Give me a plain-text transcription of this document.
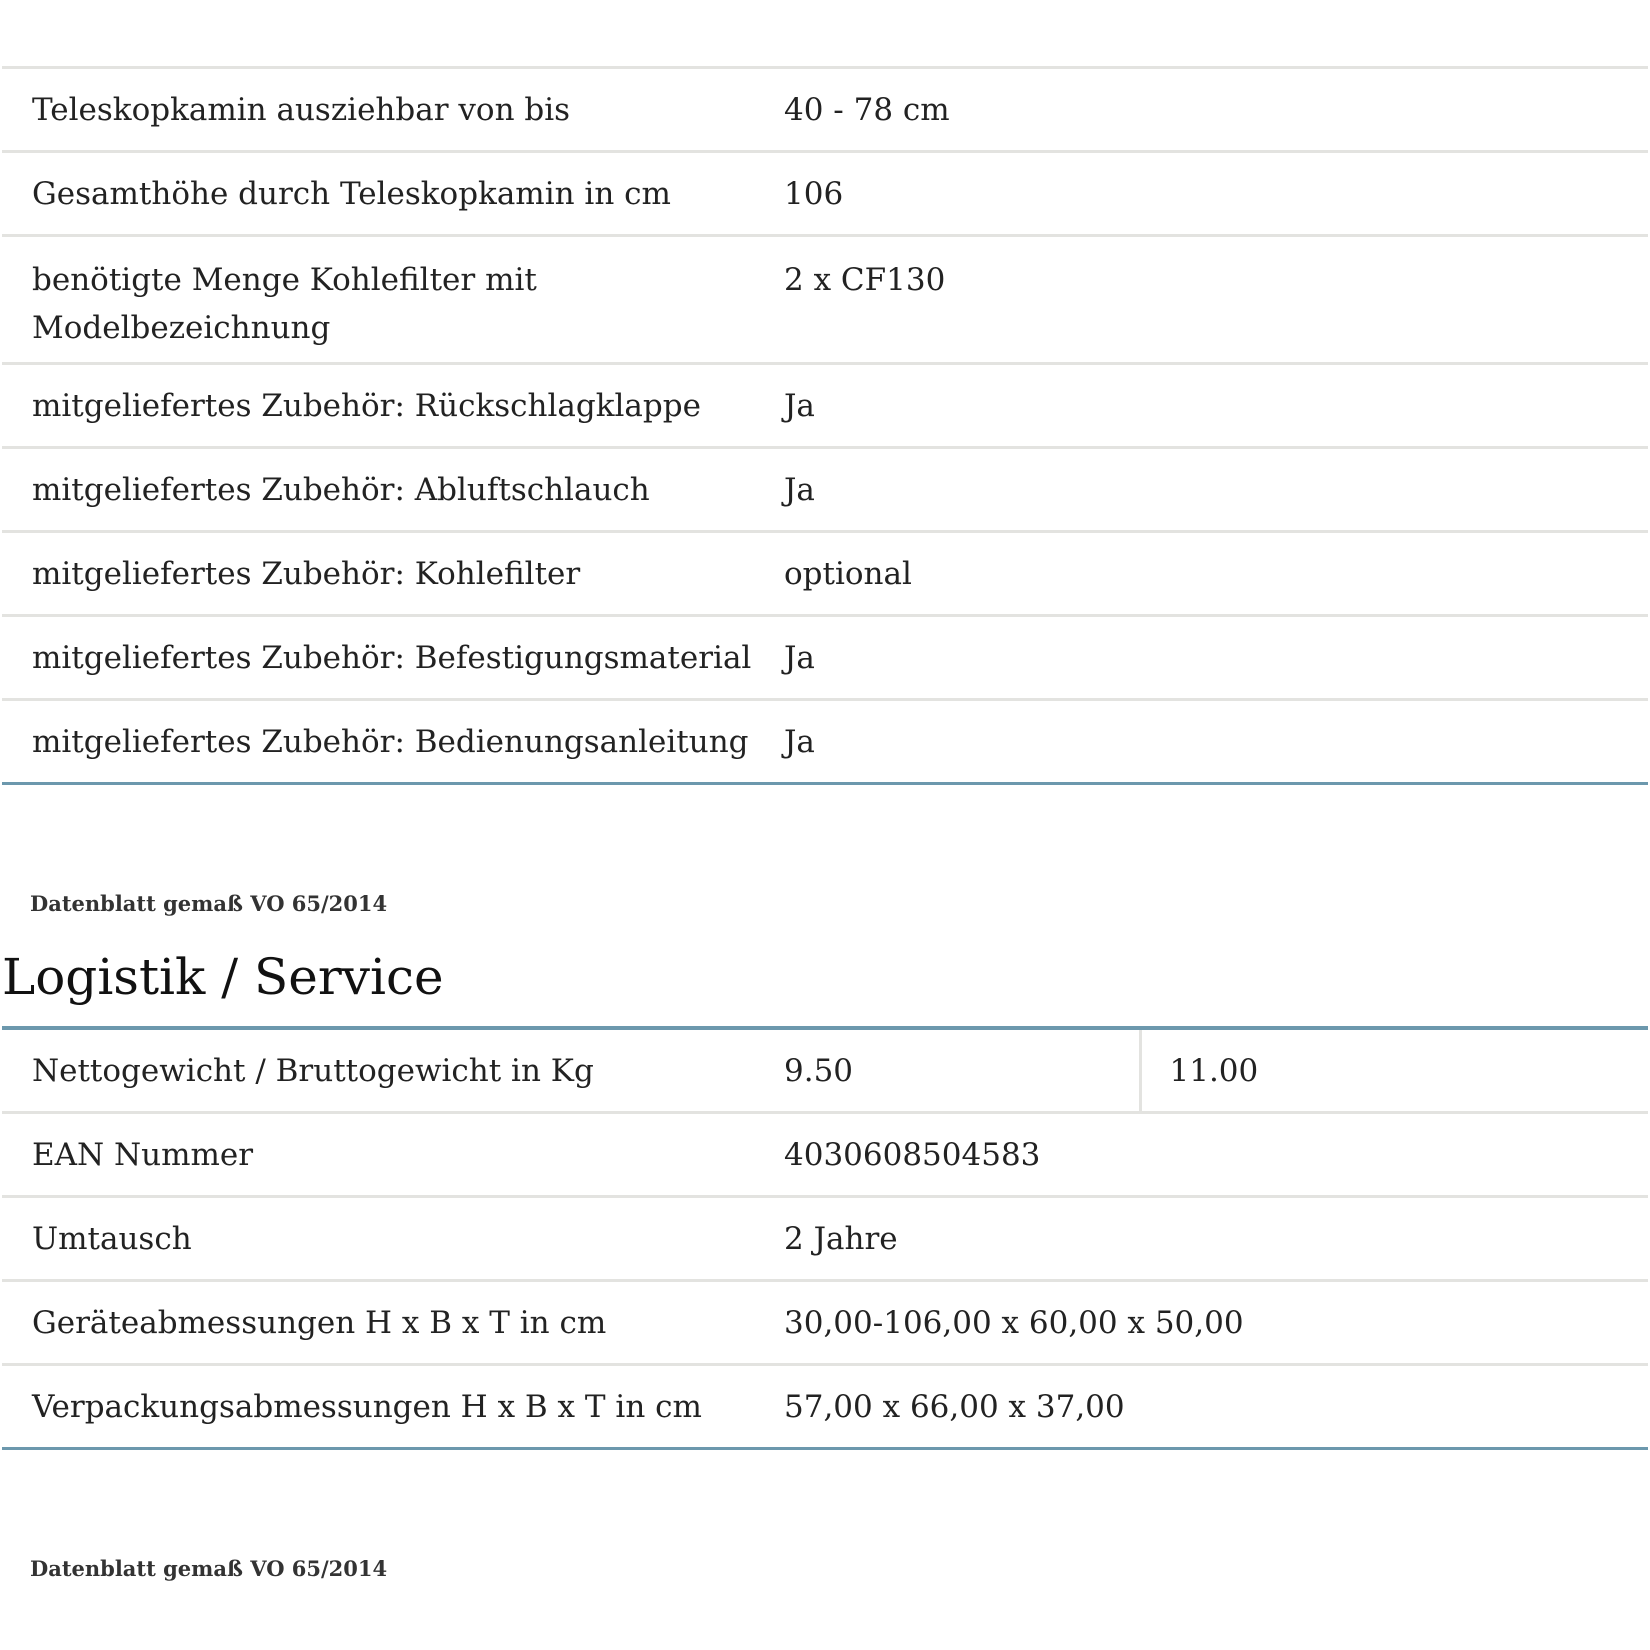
Teleskopkamin ausziehbar von bis	40 - 78 cm
Gesamthöhe durch Teleskopkamin in cm	106
benötigte Menge Kohlefilter mit Modelbezeichnung	2 x CF130
mitgeliefertes Zubehör: Rückschlagklappe	Ja
mitgeliefertes Zubehör: Abluftschlauch	Ja
mitgeliefertes Zubehör: Kohlefilter	optional
mitgeliefertes Zubehör: Befestigungsmaterial	Ja
mitgeliefertes Zubehör: Bedienungsanleitung	Ja
Datenblatt gemaß VO 65/2014
Logistik / Service
Nettogewicht / Bruttogewicht in Kg	9.50	11.00
EAN Nummer	4030608504583	
Umtausch	2 Jahre	
Geräteabmessungen H x B x T in cm	30,00-106,00 x 60,00 x 50,00	
Verpackungsabmessungen H x B x T in cm	57,00 x 66,00 x 37,00	
Datenblatt gemaß VO 65/2014
